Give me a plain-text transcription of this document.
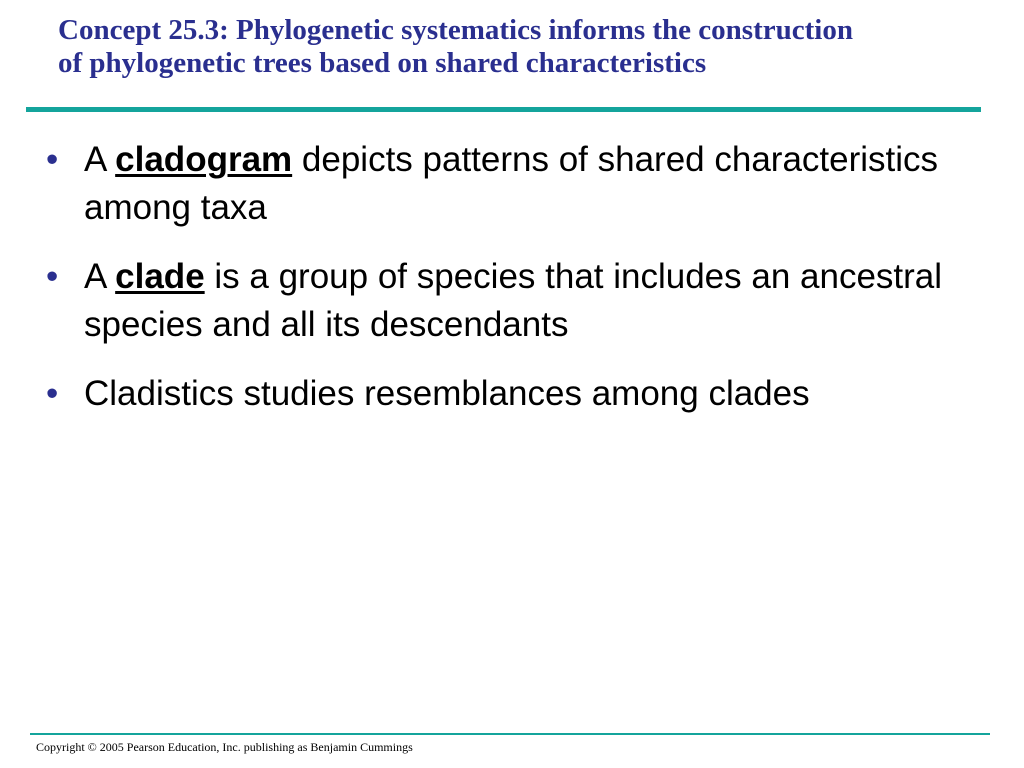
Concept 25.3: Phylogenetic systematics informs the construction
of phylogenetic trees based on shared characteristics
• A cladogram depicts patterns of shared characteristics among taxa
• A clade is a group of species that includes an ancestral species and all its descendants
• Cladistics studies resemblances among clades
Copyright © 2005 Pearson Education, Inc. publishing as Benjamin Cummings
